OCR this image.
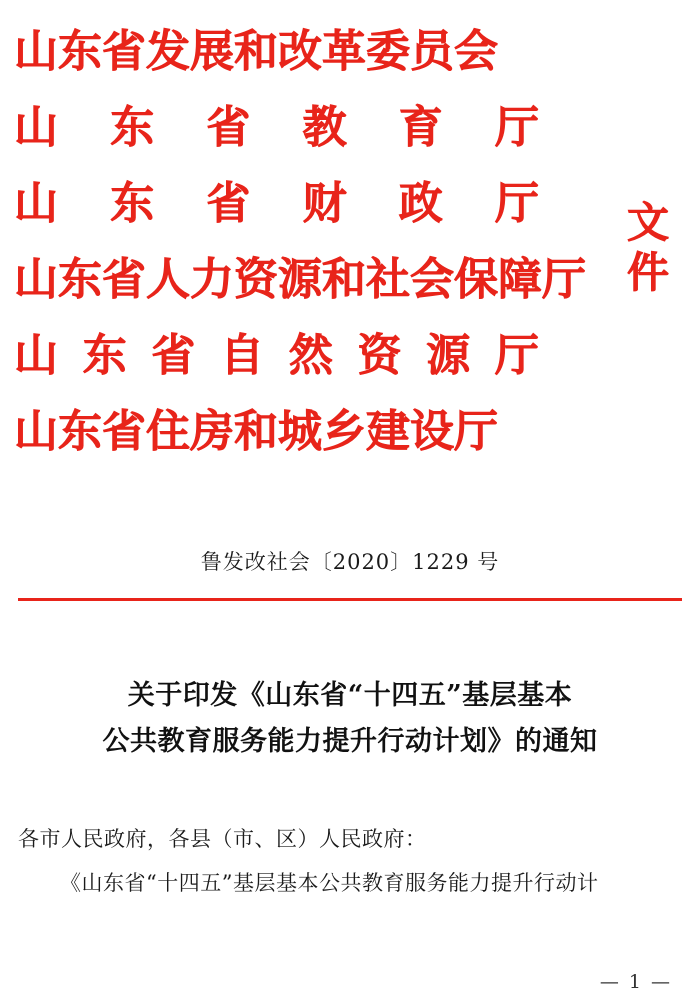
山东省发展和改革委员会
山 东 省 教 育 厅
山 东 省 财 政 厅
山东省人力资源和社会保障厅
山 东 省 自 然 资 源 厅
山东省住房和城乡建设厅
文件
鲁发改社会〔2020〕1229 号
关于印发《山东省“十四五”基层基本
公共教育服务能力提升行动计划》的通知
各市人民政府，各县（市、区）人民政府：
《山东省“十四五”基层基本公共教育服务能力提升行动计
— 1 —
